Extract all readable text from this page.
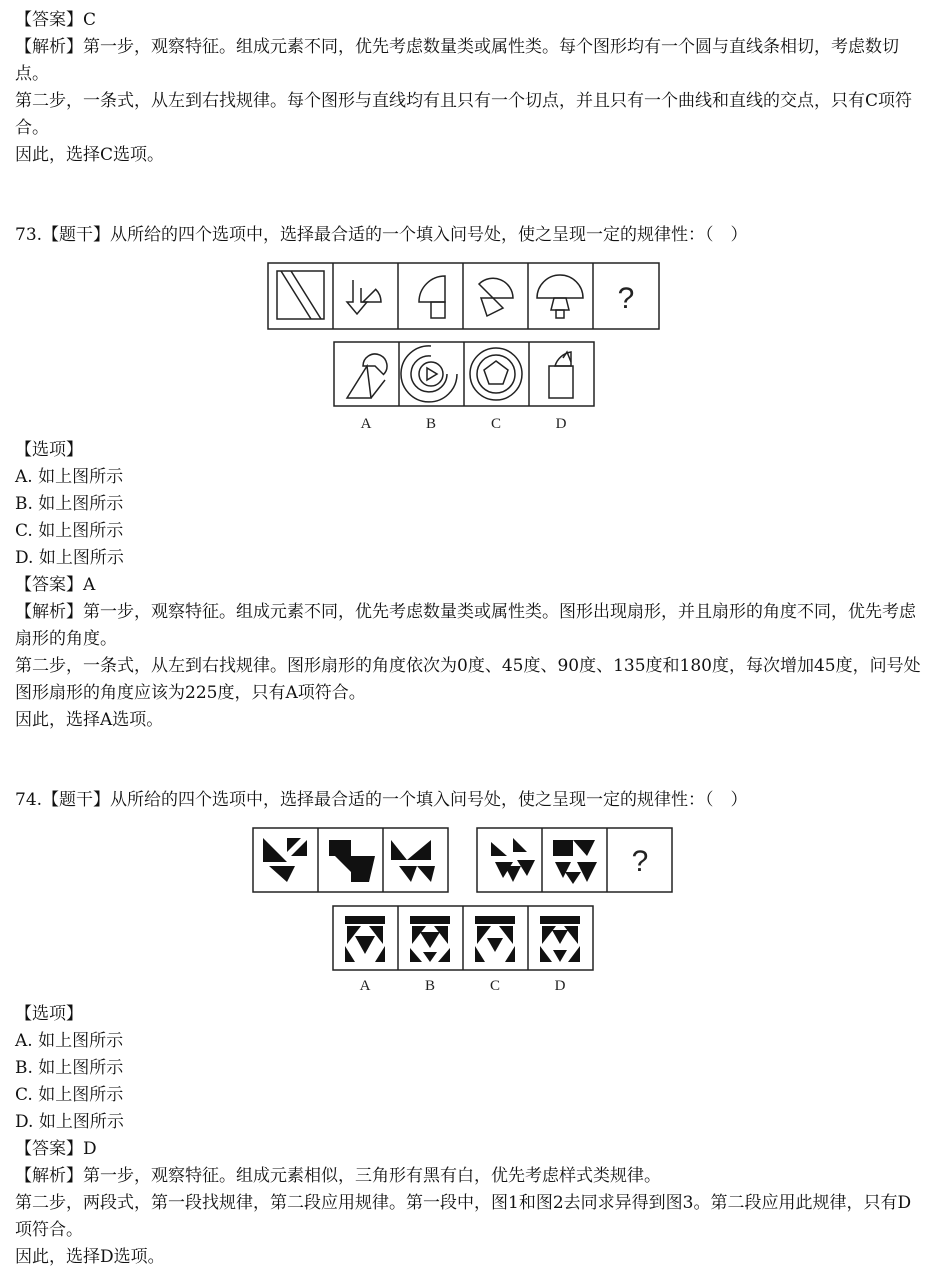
【答案】C

【解析】第一步，观察特征。组成元素不同，优先考虑数量类或属性类。每个图形均有一个圆与直线条相切，考虑数切点。

第二步，一条式，从左到右找规律。每个图形与直线均有且只有一个切点，并且只有一个曲线和直线的交点，只有C项符合。

因此，选择C选项。

73.【题干】从所给的四个选项中，选择最合适的一个填入问号处，使之呈现一定的规律性：（　）

?
A	B	C	D

【选项】

A. 如上图所示

B. 如上图所示

C. 如上图所示

D. 如上图所示

【答案】A

【解析】第一步，观察特征。组成元素不同，优先考虑数量类或属性类。图形出现扇形，并且扇形的角度不同，优先考虑扇形的角度。

第二步，一条式，从左到右找规律。图形扇形的角度依次为0度、45度、90度、135度和180度，每次增加45度，问号处图形扇形的角度应该为225度，只有A项符合。

因此，选择A选项。

74.【题干】从所给的四个选项中，选择最合适的一个填入问号处，使之呈现一定的规律性：（　）

?
A	B	C	D

【选项】

A. 如上图所示

B. 如上图所示

C. 如上图所示

D. 如上图所示

【答案】D

【解析】第一步，观察特征。组成元素相似，三角形有黑有白，优先考虑样式类规律。

第二步，两段式，第一段找规律，第二段应用规律。第一段中，图1和图2去同求异得到图3。第二段应用此规律，只有D项符合。

因此，选择D选项。
